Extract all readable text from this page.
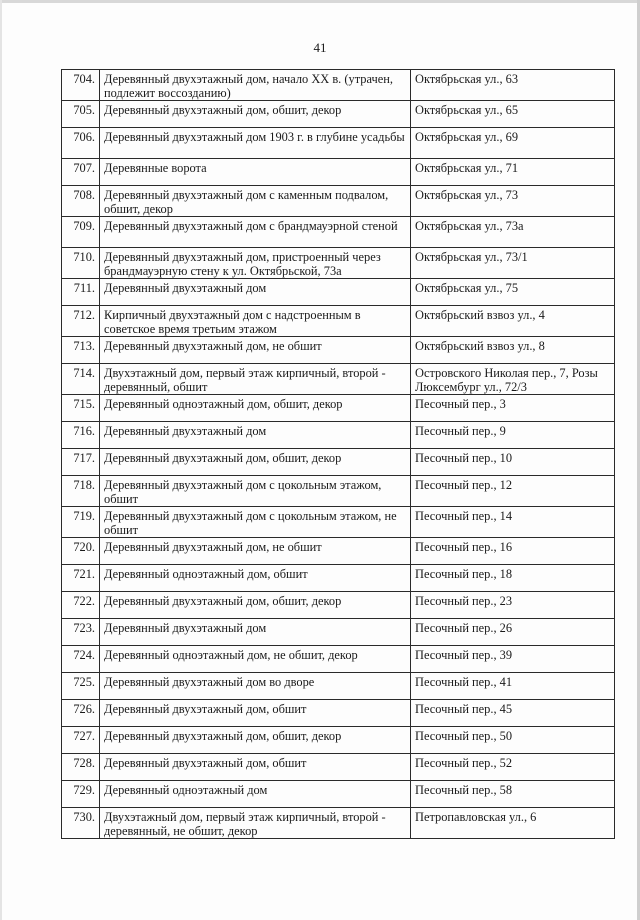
41
704.	Деревянный двухэтажный дом, начало XX в. (утрачен, подлежит воссозданию)	Октябрьская ул., 63
705.	Деревянный двухэтажный дом, обшит, декор	Октябрьская ул., 65
706.	Деревянный двухэтажный дом 1903 г. в глубине усадьбы	Октябрьская ул., 69
707.	Деревянные ворота	Октябрьская ул., 71
708.	Деревянный двухэтажный дом с каменным подвалом, обшит, декор	Октябрьская ул., 73
709.	Деревянный двухэтажный дом с брандмауэрной стеной	Октябрьская ул., 73а
710.	Деревянный двухэтажный дом, пристроенный через брандмауэрную стену к ул. Октябрьской, 73а	Октябрьская ул., 73/1
711.	Деревянный двухэтажный дом	Октябрьская ул., 75
712.	Кирпичный двухэтажный дом с надстроенным в советское время третьим этажом	Октябрьский взвоз ул., 4
713.	Деревянный двухэтажный дом, не обшит	Октябрьский взвоз ул., 8
714.	Двухэтажный дом, первый этаж кирпичный, второй - деревянный, обшит	Островского Николая пер., 7, Розы Люксембург ул., 72/3
715.	Деревянный одноэтажный дом, обшит, декор	Песочный пер., 3
716.	Деревянный двухэтажный дом	Песочный пер., 9
717.	Деревянный двухэтажный дом, обшит, декор	Песочный пер., 10
718.	Деревянный двухэтажный дом с цокольным этажом, обшит	Песочный пер., 12
719.	Деревянный двухэтажный дом с цокольным этажом, не обшит	Песочный пер., 14
720.	Деревянный двухэтажный дом, не обшит	Песочный пер., 16
721.	Деревянный одноэтажный дом, обшит	Песочный пер., 18
722.	Деревянный двухэтажный дом, обшит, декор	Песочный пер., 23
723.	Деревянный двухэтажный дом	Песочный пер., 26
724.	Деревянный одноэтажный дом, не обшит, декор	Песочный пер., 39
725.	Деревянный двухэтажный дом во дворе	Песочный пер., 41
726.	Деревянный двухэтажный дом, обшит	Песочный пер., 45
727.	Деревянный двухэтажный дом, обшит, декор	Песочный пер., 50
728.	Деревянный двухэтажный дом, обшит	Песочный пер., 52
729.	Деревянный одноэтажный дом	Песочный пер., 58
730.	Двухэтажный дом, первый этаж кирпичный, второй - деревянный, не обшит, декор	Петропавловская ул., 6
